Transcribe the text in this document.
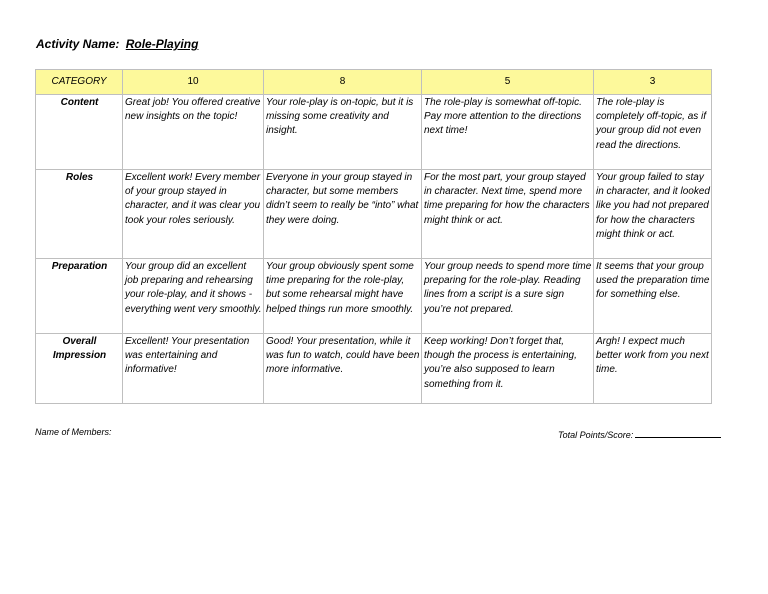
Activity Name: Role-Playing
CATEGORY	10	8	5	3
Content	Great job! You offered creative new insights on the topic!	Your role-play is on-topic, but it is missing some creativity and insight.	The role-play is somewhat off-topic. Pay more attention to the directions next time!	The role-play is completely off-topic, as if your group did not even read the directions.
Roles	Excellent work! Every member of your group stayed in character, and it was clear you took your roles seriously.	Everyone in your group stayed in character, but some members didn’t seem to really be “into” what they were doing.	For the most part, your group stayed in character. Next time, spend more time preparing for how the characters might think or act.	Your group failed to stay in character, and it looked like you had not prepared for how the characters might think or act.
Preparation	Your group did an excellent job preparing and rehearsing your role-play, and it shows - everything went very smoothly.	Your group obviously spent some time preparing for the role-play, but some rehearsal might have helped things run more smoothly.	Your group needs to spend more time preparing for the role-play. Reading lines from a script is a sure sign you’re not prepared.	It seems that your group used the preparation time for something else.
Overall Impression	Excellent! Your presentation was entertaining and informative!	Good! Your presentation, while it was fun to watch, could have been more informative.	Keep working! Don’t forget that, though the process is entertaining, you’re also supposed to learn something from it.	Argh! I expect much better work from you next time.
Name of Members:	Total Points/Score:
